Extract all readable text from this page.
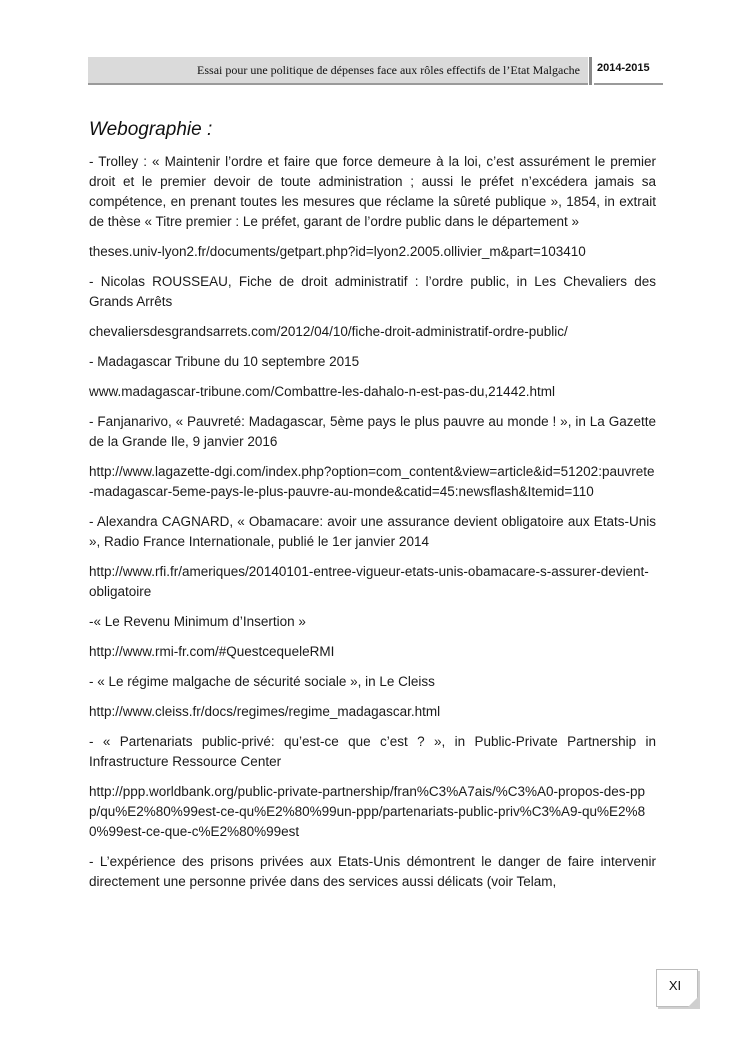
Essai pour une politique de dépenses face aux rôles effectifs de l’Etat Malgache 2014-2015
Webographie :
- Trolley : « Maintenir l’ordre et faire que force demeure à la loi, c’est assurément le premier droit et le premier devoir de toute administration ; aussi le préfet n’excédera jamais sa compétence, en prenant toutes les mesures que réclame la sûreté publique », 1854, in extrait de thèse « Titre premier : Le préfet, garant de l’ordre public dans le département »
theses.univ-lyon2.fr/documents/getpart.php?id=lyon2.2005.ollivier_m&part=103410
- Nicolas ROUSSEAU, Fiche de droit administratif : l’ordre public, in Les Chevaliers des Grands Arrêts
chevaliersdesgrandsarrets.com/2012/04/10/fiche-droit-administratif-ordre-public/
- Madagascar Tribune du 10 septembre 2015
www.madagascar-tribune.com/Combattre-les-dahalo-n-est-pas-du,21442.html
- Fanjanarivo, « Pauvreté: Madagascar, 5ème pays le plus pauvre au monde ! », in La Gazette de la Grande Ile, 9 janvier 2016
http://www.lagazette-dgi.com/index.php?option=com_content&view=article&id=51202:pauvrete-madagascar-5eme-pays-le-plus-pauvre-au-monde&catid=45:newsflash&Itemid=110
- Alexandra CAGNARD, « Obamacare: avoir une assurance devient obligatoire aux Etats-Unis », Radio France Internationale, publié le 1er janvier 2014
http://www.rfi.fr/ameriques/20140101-entree-vigueur-etats-unis-obamacare-s-assurer-devient-obligatoire
-« Le Revenu Minimum d’Insertion »
http://www.rmi-fr.com/#QuestcequeleRMI
- « Le régime malgache de sécurité sociale », in Le Cleiss
http://www.cleiss.fr/docs/regimes/regime_madagascar.html
- « Partenariats public-privé: qu’est-ce que c’est ? », in Public-Private Partnership in Infrastructure Ressource Center
http://ppp.worldbank.org/public-private-partnership/fran%C3%A7ais/%C3%A0-propos-des-ppp/qu%E2%80%99est-ce-qu%E2%80%99un-ppp/partenariats-public-priv%C3%A9-qu%E2%80%99est-ce-que-c%E2%80%99est
- L’expérience des prisons privées aux Etats-Unis démontrent le danger de faire intervenir directement une personne privée dans des services aussi délicats (voir Telam,
XI
